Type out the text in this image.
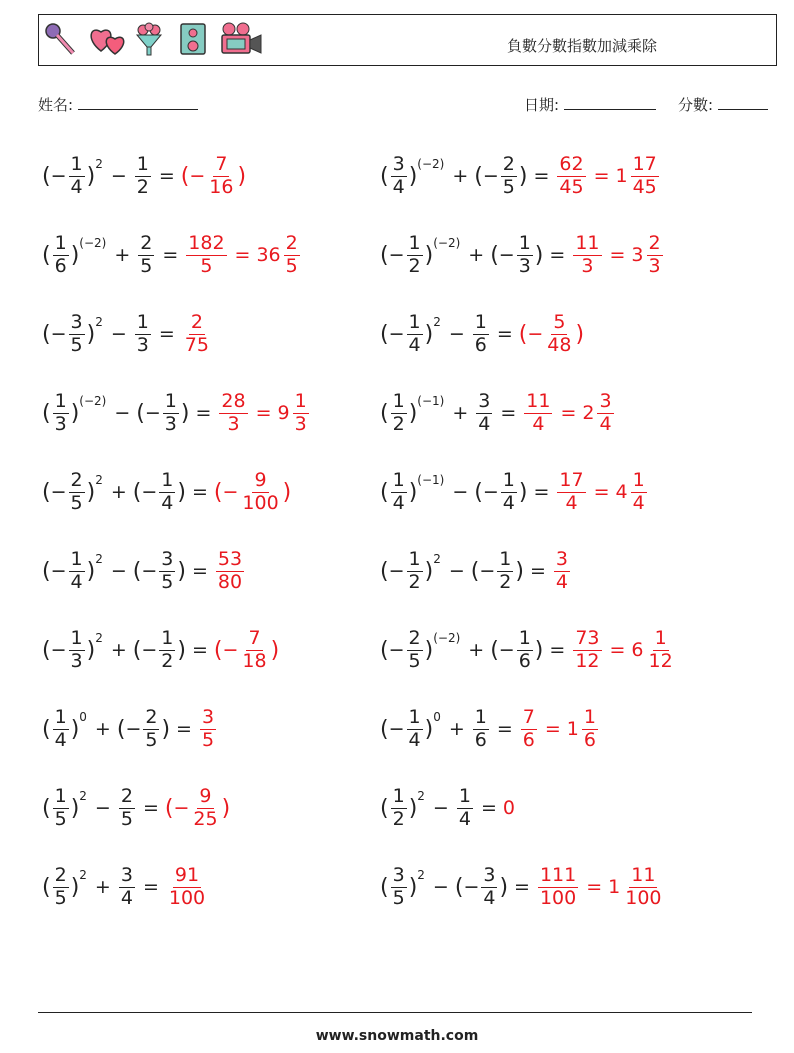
負數分數指數加減乘除
姓名:	日期:	分數:
( − $\frac{1}{4}$ ) 2
− $\frac{1}{2}$ = ( − $\frac{7}{16}$ )
( $\frac{1}{6}$ ) (−2)
+ $\frac{2}{5} = \frac{182}{5} = 36 \frac{2}{5}$
( − $\frac{3}{5}$ ) 2
− $\frac{1}{3} = \frac{2}{75}$
( $\frac{1}{3}$ ) (−2)
− ( − $\frac{1}{3}$ ) = $\frac{28}{3} = 9 \frac{1}{3}$
( − $\frac{2}{5}$ ) 2
+ ( − $\frac{1}{4}$ ) = ( − $\frac{9}{100}$ )
( − $\frac{1}{4}$ ) 2
− ( − $\frac{3}{5}$ ) = $\frac{53}{80}$
( − $\frac{1}{3}$ ) 2
+ ( − $\frac{1}{2}$ ) = ( − $\frac{7}{18}$ )
( $\frac{1}{4}$ ) 0
+ ( − $\frac{2}{5}$ ) = $\frac{3}{5}$
( $\frac{1}{5}$ ) 2
− $\frac{2}{5}$ = ( − $\frac{9}{25}$ )
( $\frac{2}{5}$ ) 2
+ $\frac{3}{4} = \frac{91}{100}$
( $\frac{3}{4}$ ) (−2)
+ ( − $\frac{2}{5}$ ) = $\frac{62}{45} = 1 \frac{17}{45}$
( − $\frac{1}{2}$ ) (−2)
+ ( − $\frac{1}{3}$ ) = $\frac{11}{3} = 3 \frac{2}{3}$
( − $\frac{1}{4}$ ) 2
− $\frac{1}{6}$ = ( − $\frac{5}{48}$ )
( $\frac{1}{2}$ ) (−1)
+ $\frac{3}{4} = \frac{11}{4} = 2 \frac{3}{4}$
( $\frac{1}{4}$ ) (−1)
− ( − $\frac{1}{4}$ ) = $\frac{17}{4} = 4 \frac{1}{4}$
( − $\frac{1}{2}$ ) 2
− ( − $\frac{1}{2}$ ) = $\frac{3}{4}$
( − $\frac{2}{5}$ ) (−2)
+ ( − $\frac{1}{6}$ ) = $\frac{73}{12} = 6 \frac{1}{12}$
( − $\frac{1}{4}$ ) 0
+ $\frac{1}{6} = \frac{7}{6} = 1 \frac{1}{6}$
( $\frac{1}{2}$ ) 2
− $\frac{1}{4} = 0$
( $\frac{3}{5}$ ) 2
− ( − $\frac{3}{4}$ ) = $\frac{111}{100} = 1 \frac{11}{100}$
www.snowmath.com
